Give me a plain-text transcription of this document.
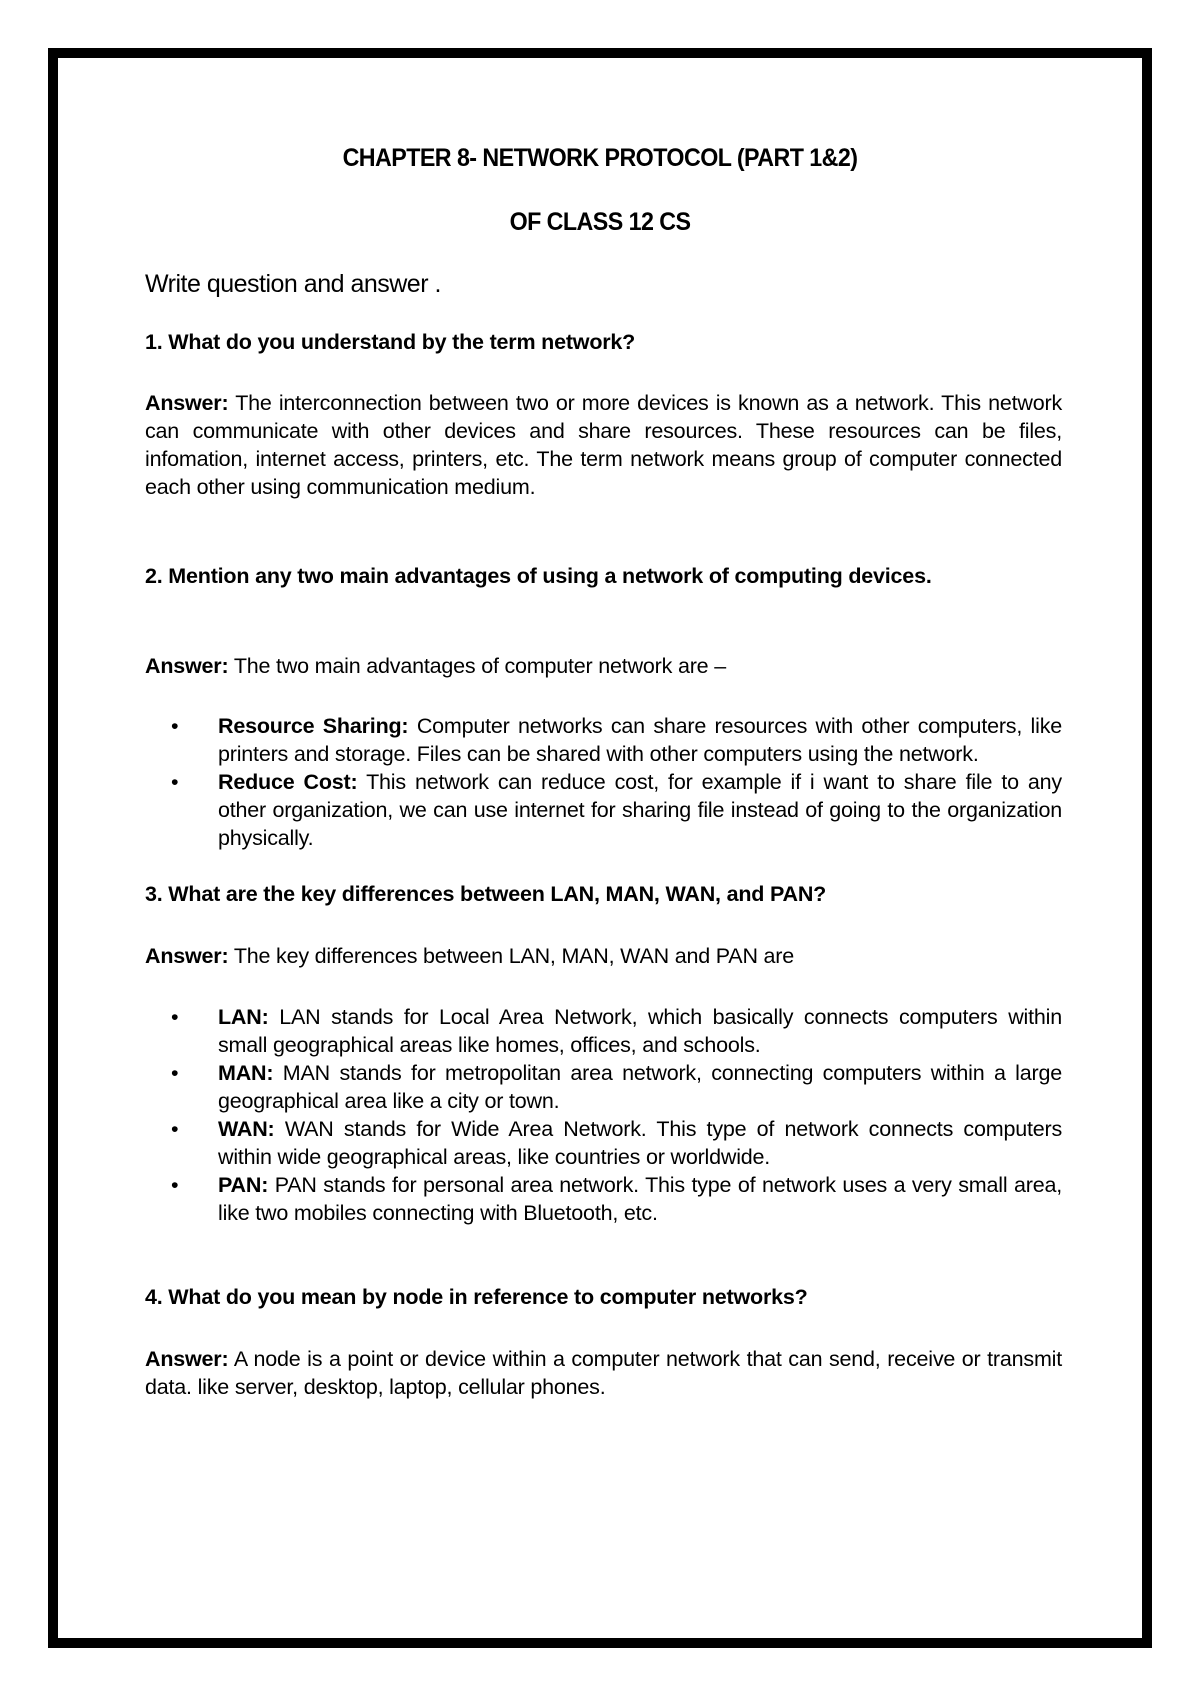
CHAPTER 8- NETWORK PROTOCOL (PART 1&2)
OF CLASS 12 CS
Write question and answer .
1. What do you understand by the term network?
Answer: The interconnection between two or more devices is known as a network. This network can communicate with other devices and share resources. These resources can be files, infomation, internet access, printers, etc. The term network means group of computer connected each other using communication medium.
2. Mention any two main advantages of using a network of computing devices.
Answer: The two main advantages of computer network are –
• Resource Sharing: Computer networks can share resources with other computers, like printers and storage. Files can be shared with other computers using the network.
• Reduce Cost: This network can reduce cost, for example if i want to share file to any other organization, we can use internet for sharing file instead of going to the organization physically.
3. What are the key differences between LAN, MAN, WAN, and PAN?
Answer: The key differences between LAN, MAN, WAN and PAN are
• LAN: LAN stands for Local Area Network, which basically connects computers within small geographical areas like homes, offices, and schools.
• MAN: MAN stands for metropolitan area network, connecting computers within a large geographical area like a city or town.
• WAN: WAN stands for Wide Area Network. This type of network connects computers within wide geographical areas, like countries or worldwide.
• PAN: PAN stands for personal area network. This type of network uses a very small area, like two mobiles connecting with Bluetooth, etc.
4. What do you mean by node in reference to computer networks?
Answer: A node is a point or device within a computer network that can send, receive or transmit data. like server, desktop, laptop, cellular phones.
